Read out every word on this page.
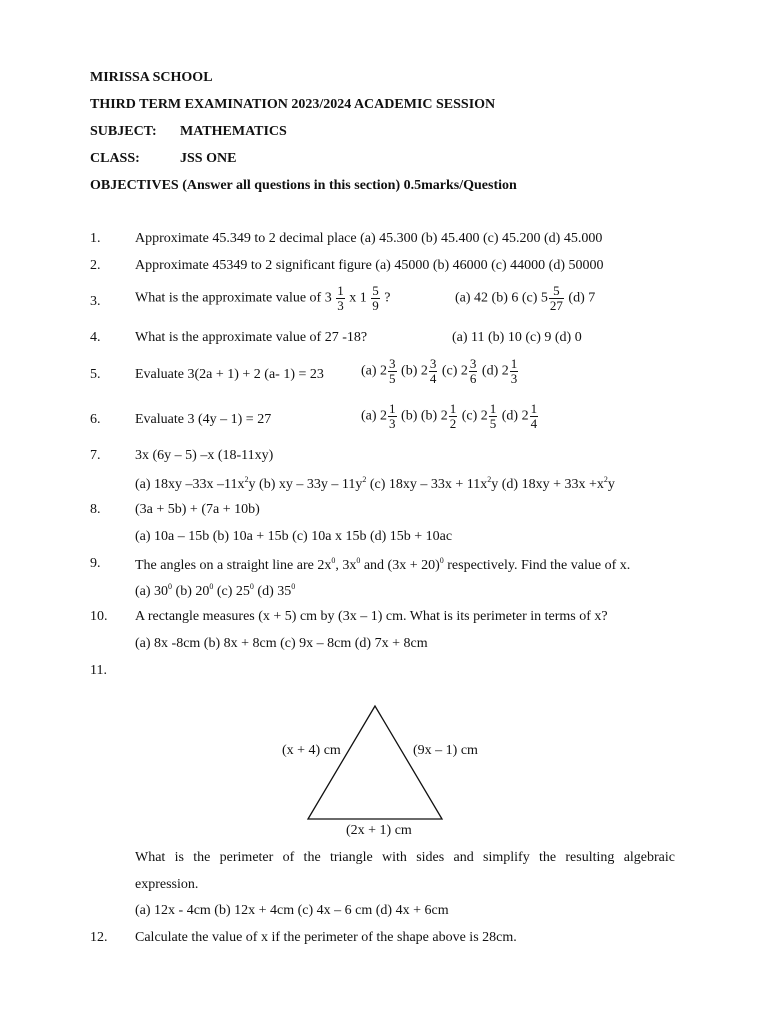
MIRISSA SCHOOL
THIRD TERM EXAMINATION 2023/2024 ACADEMIC SESSION
SUBJECT: MATHEMATICS
CLASS:	JSS ONE
OBJECTIVES (Answer all questions in this section) 0.5marks/Question
1. Approximate 45.349 to 2 decimal place (a) 45.300 (b) 45.400 (c) 45.200 (d) 45.000
2. Approximate 45349 to 2 significant figure (a) 45000 (b) 46000 (c) 44000 (d) 50000
3. What is the approximate value of $3 \frac{1}{3}$ x $1 \frac{5}{9}$ ?	(a) 42 (b) 6 (c) $5 \frac{5}{27} (d)$ 7
4. What is the approximate value of 27 -18?	(a) 11 (b) 10 (c) 9 (d) 0
5. Evaluate 3(2a + 1) + 2 (a- 1) = 23	(a) $2 \frac{3}{5} (b)$ $2 \frac{3}{4} (c)$ $2 \frac{3}{6} (d)$ $2 \frac{1}{3}$
6. Evaluate 3 (4y – 1) = 27	(a) $2 \frac{1}{3} (b)$ (b) $2 \frac{1}{2} (c)$ $2 \frac{1}{5} (d)$ $2 \frac{1}{4}$
7. 3x (6y – 5) –x (18-11xy)
(a) 18xy –33x $-11x^2y$ (b) xy – $33y - 11y^2$ (c) $18xy - 33x + 11x^2y$ (d) $18xy + 33x +x^2y$
8. (3a + 5b) + (7a + 10b)
(a) 10a – 15b (b) 10a + 15b (c) 10a x 15b (d) 15b + 10ac
9. The angles on a straight line are $2x^0$, $3x^0$ and $(3x + 20)^0$ respectively. Find the value of x.
(a) $30^0$ (b) $20^0$ (c) $25^0$ (d) $35^0$
10. A rectangle measures (x + 5) cm by (3x – 1) cm. What is its perimeter in terms of x?
(a) 8x -8cm (b) 8x + 8cm (c) 9x – 8cm (d) 7x + 8cm
11.
(x + 4) cm	(9x – 1) cm
(2x + 1) cm
What is the perimeter of the triangle with sides and simplify the resulting algebraic
expression.
(a) 12x - 4cm (b) 12x + 4cm (c) 4x – 6 cm (d) 4x + 6cm
12. Calculate the value of x if the perimeter of the shape above is 28cm.
